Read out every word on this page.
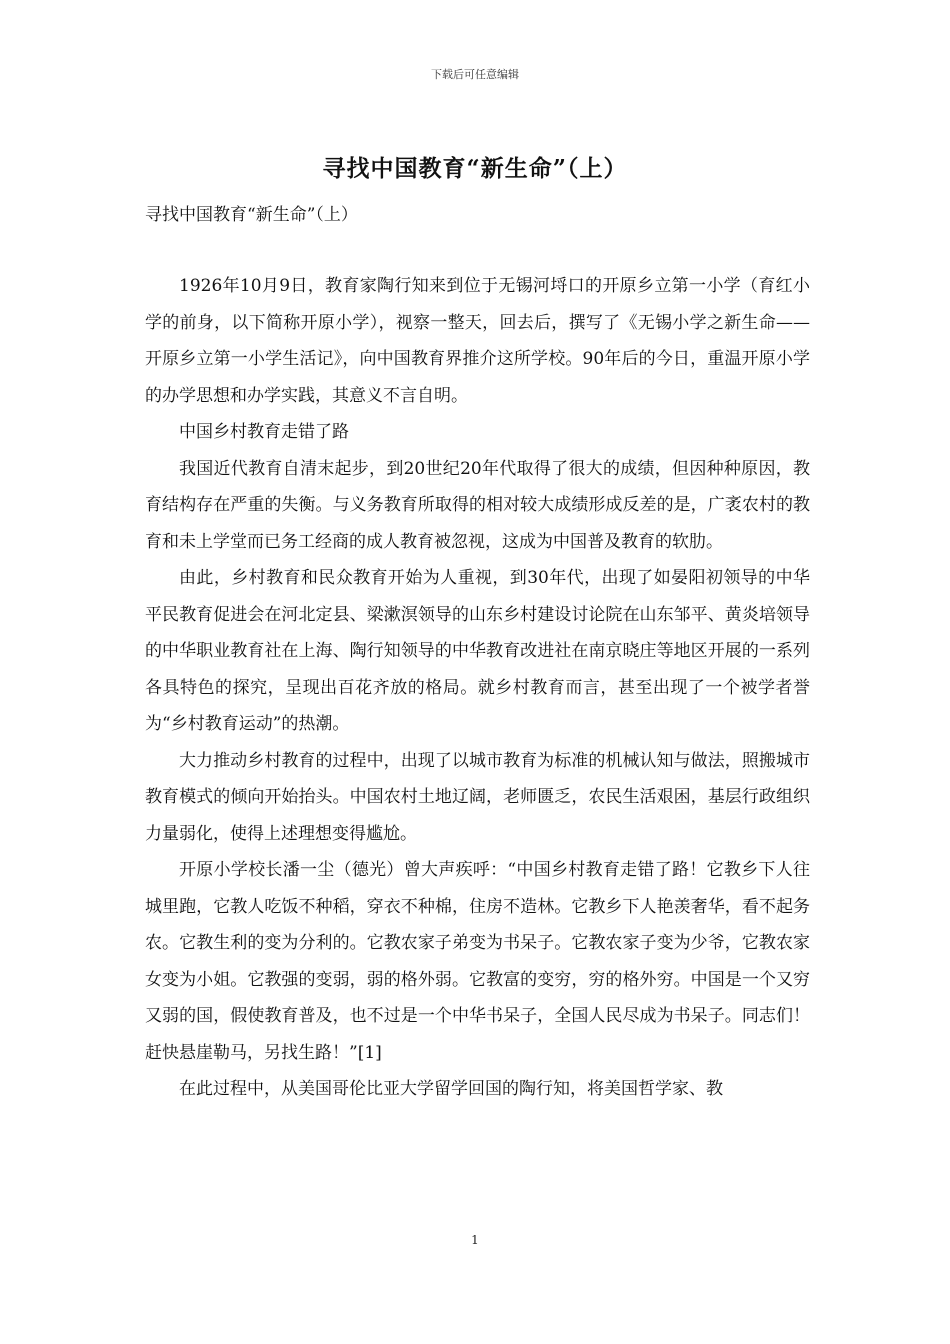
下载后可任意编辑
寻找中国教育“新生命”（上）
寻找中国教育“新生命”（上）

1926年10月9日，教育家陶行知来到位于无锡河埒口的开原乡立第一小学（育红小学的前身，以下简称开原小学），视察一整天，回去后，撰写了《无锡小学之新生命——开原乡立第一小学生活记》，向中国教育界推介这所学校。90年后的今日，重温开原小学的办学思想和办学实践，其意义不言自明。

中国乡村教育走错了路

我国近代教育自清末起步，到20世纪20年代取得了很大的成绩，但因种种原因，教育结构存在严重的失衡。与义务教育所取得的相对较大成绩形成反差的是，广袤农村的教育和未上学堂而已务工经商的成人教育被忽视，这成为中国普及教育的软肋。

由此，乡村教育和民众教育开始为人重视，到30年代，出现了如晏阳初领导的中华平民教育促进会在河北定县、梁漱溟领导的山东乡村建设讨论院在山东邹平、黄炎培领导的中华职业教育社在上海、陶行知领导的中华教育改进社在南京晓庄等地区开展的一系列各具特色的探究，呈现出百花齐放的格局。就乡村教育而言，甚至出现了一个被学者誉为“乡村教育运动”的热潮。

大力推动乡村教育的过程中，出现了以城市教育为标准的机械认知与做法，照搬城市教育模式的倾向开始抬头。中国农村土地辽阔，老师匮乏，农民生活艰困，基层行政组织力量弱化，使得上述理想变得尴尬。

开原小学校长潘一尘（德光）曾大声疾呼：“中国乡村教育走错了路！它教乡下人往城里跑，它教人吃饭不种稻，穿衣不种棉，住房不造林。它教乡下人艳羡奢华，看不起务农。它教生利的变为分利的。它教农家子弟变为书呆子。它教农家子变为少爷，它教农家女变为小姐。它教强的变弱，弱的格外弱。它教富的变穷，穷的格外穷。中国是一个又穷又弱的国，假使教育普及，也不过是一个中华书呆子，全国人民尽成为书呆子。同志们！赶快悬崖勒马，另找生路！”[1]

在此过程中，从美国哥伦比亚大学留学回国的陶行知，将美国哲学家、教

1
